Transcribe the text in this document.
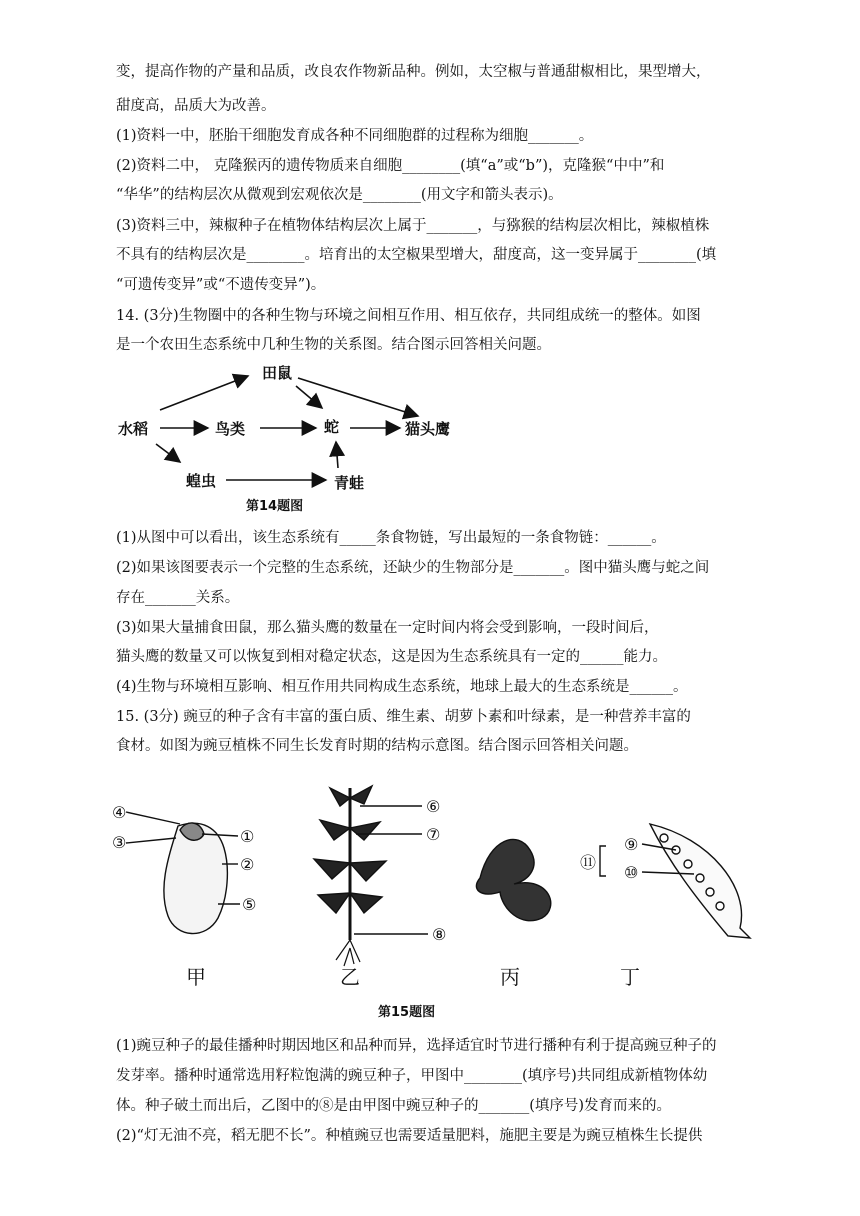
变，提高作物的产量和品质，改良农作物新品种。例如，太空椒与普通甜椒相比，果型增大，
甜度高，品质大为改善。
(1)资料一中，胚胎干细胞发育成各种不同细胞群的过程称为细胞_______。
(2)资料二中， 克隆猴丙的遗传物质来自细胞________(填“a”或“b”)，克隆猴“中中”和
“华华”的结构层次从微观到宏观依次是________(用文字和箭头表示)。
(3)资料三中，辣椒种子在植物体结构层次上属于_______，与猕猴的结构层次相比，辣椒植株
不具有的结构层次是________。培育出的太空椒果型增大，甜度高，这一变异属于________(填
“可遗传变异”或“不遗传变异”)。
14. (3分)生物圈中的各种生物与环境之间相互作用、相互依存，共同组成统一的整体。如图
是一个农田生态系统中几种生物的关系图。结合图示回答相关问题。
田鼠
水稻	鸟类	蛇	猫头鹰
蝗虫	青蛙
第14题图
(1)从图中可以看出，该生态系统有_____条食物链，写出最短的一条食物链：______。
(2)如果该图要表示一个完整的生态系统，还缺少的生物部分是_______。图中猫头鹰与蛇之间
存在_______关系。
(3)如果大量捕食田鼠，那么猫头鹰的数量在一定时间内将会受到影响，一段时间后，
猫头鹰的数量又可以恢复到相对稳定状态，这是因为生态系统具有一定的______能力。
(4)生物与环境相互影响、相互作用共同构成生态系统，地球上最大的生态系统是______。
15. (3分) 豌豆的种子含有丰富的蛋白质、维生素、胡萝卜素和叶绿素，是一种营养丰富的
食材。如图为豌豆植株不同生长发育时期的结构示意图。结合图示回答相关问题。
④
③	①
②
⑤
⑥
⑦
⑧
⑪
⑨
⑩
甲	乙	丙	丁
第15题图
(1)豌豆种子的最佳播种时期因地区和品种而异，选择适宜时节进行播种有利于提高豌豆种子的
发芽率。播种时通常选用籽粒饱满的豌豆种子，甲图中________(填序号)共同组成新植物体幼
体。种子破土而出后，乙图中的⑧是由甲图中豌豆种子的_______(填序号)发育而来的。
(2)“灯无油不亮，稻无肥不长”。种植豌豆也需要适量肥料，施肥主要是为豌豆植株生长提供
